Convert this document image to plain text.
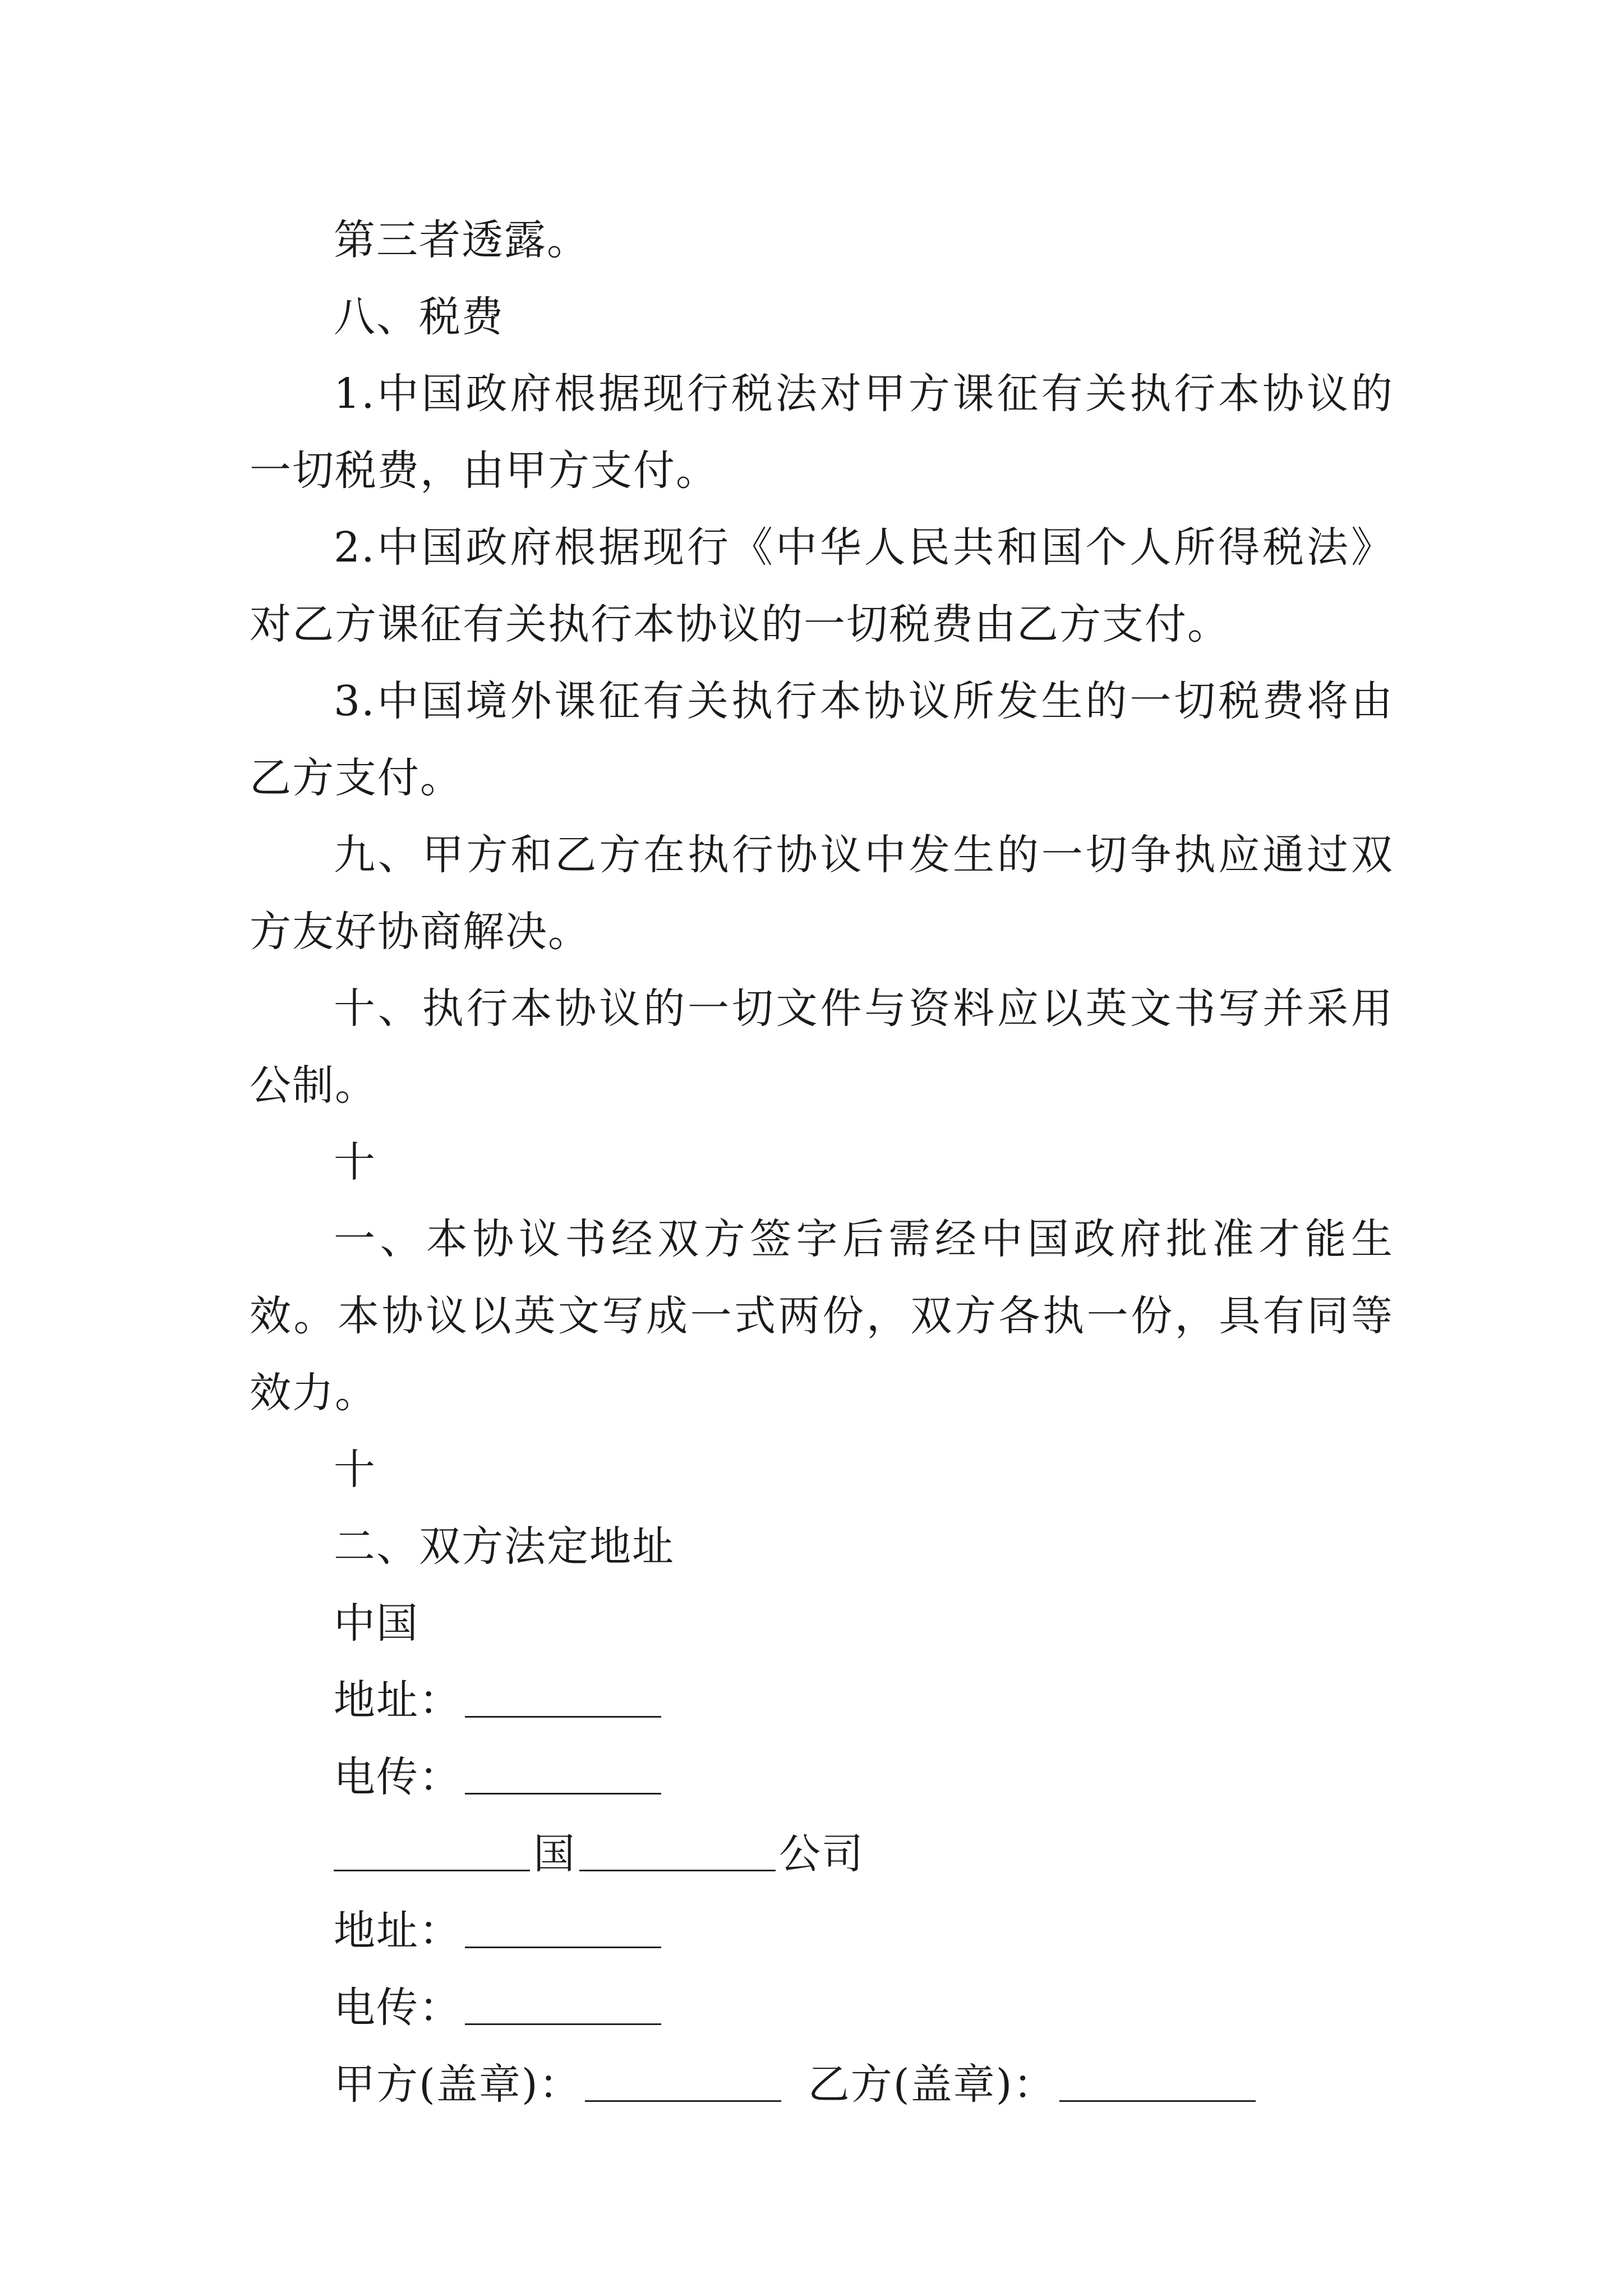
第三者透露。

八、税费

1.中国政府根据现行税法对甲方课征有关执行本协议的一切税费，由甲方支付。

2.中国政府根据现行《中华人民共和国个人所得税法》对乙方课征有关执行本协议的一切税费由乙方支付。

3.中国境外课征有关执行本协议所发生的一切税费将由乙方支付。

九、甲方和乙方在执行协议中发生的一切争执应通过双方友好协商解决。

十、执行本协议的一切文件与资料应以英文书写并采用公制。

十

一、本协议书经双方签字后需经中国政府批准才能生效。本协议以英文写成一式两份，双方各执一份，具有同等效力。

十

二、双方法定地址

中国

地址：

电传：

国	公司

地址：

电传：

甲方(盖章)：	乙方(盖章)：
